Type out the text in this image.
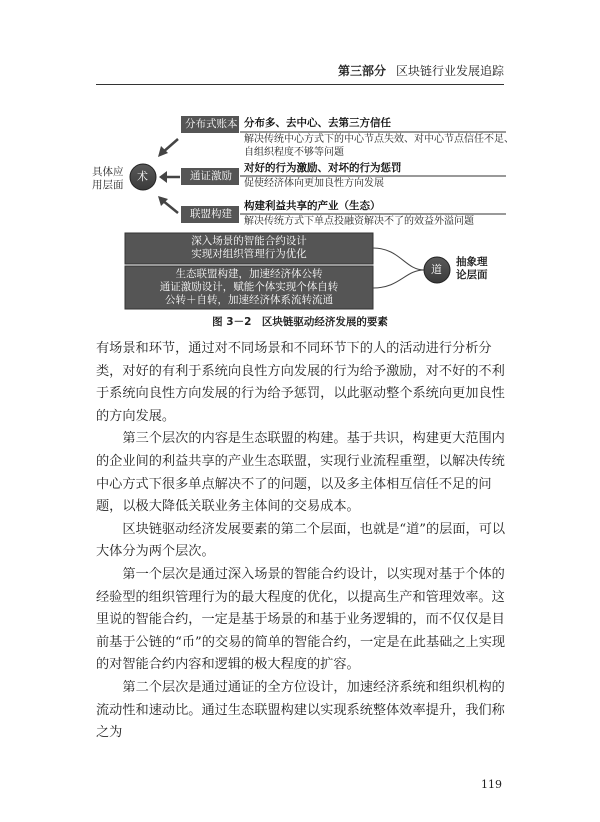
第三部分 区块链行业发展追踪
具体应
用层面
术
分布式账本 分布多、去中心、去第三方信任
解决传统中心方式下的中心节点失效、对中心节点信任不足、
自组织程度不够等问题
通证激励
对好的行为激励、对坏的行为惩罚
促使经济体向更加良性方向发展
联盟构建
构建利益共享的产业（生态）
解决传统方式下单点投融资解决不了的效益外溢问题
深入场景的智能合约设计
实现对组织管理行为优化
生态联盟构建，加速经济体公转
通证激励设计，赋能个体实现个体自转
公转＋自转，加速经济体系流转流通
道
抽象理
论层面
图 3－2　区块链驱动经济发展的要素

有场景和环节，通过对不同场景和不同环节下的人的活动进行分析分类，对好的有利于系统向良性方向发展的行为给予激励，对不好的不利于系统向良性方向发展的行为给予惩罚，以此驱动整个系统向更加良性的方向发展。

第三个层次的内容是生态联盟的构建。基于共识，构建更大范围内的企业间的利益共享的产业生态联盟，实现行业流程重塑，以解决传统中心方式下很多单点解决不了的问题，以及多主体相互信任不足的问题，以极大降低关联业务主体间的交易成本。

区块链驱动经济发展要素的第二个层面，也就是“道”的层面，可以大体分为两个层次。

第一个层次是通过深入场景的智能合约设计，以实现对基于个体的经验型的组织管理行为的最大程度的优化，以提高生产和管理效率。这里说的智能合约，一定是基于场景的和基于业务逻辑的，而不仅仅是目前基于公链的“币”的交易的简单的智能合约，一定是在此基础之上实现的对智能合约内容和逻辑的极大程度的扩容。

第二个层次是通过通证的全方位设计，加速经济系统和组织机构的流动性和速动比。通过生态联盟构建以实现系统整体效率提升，我们称之为

119
